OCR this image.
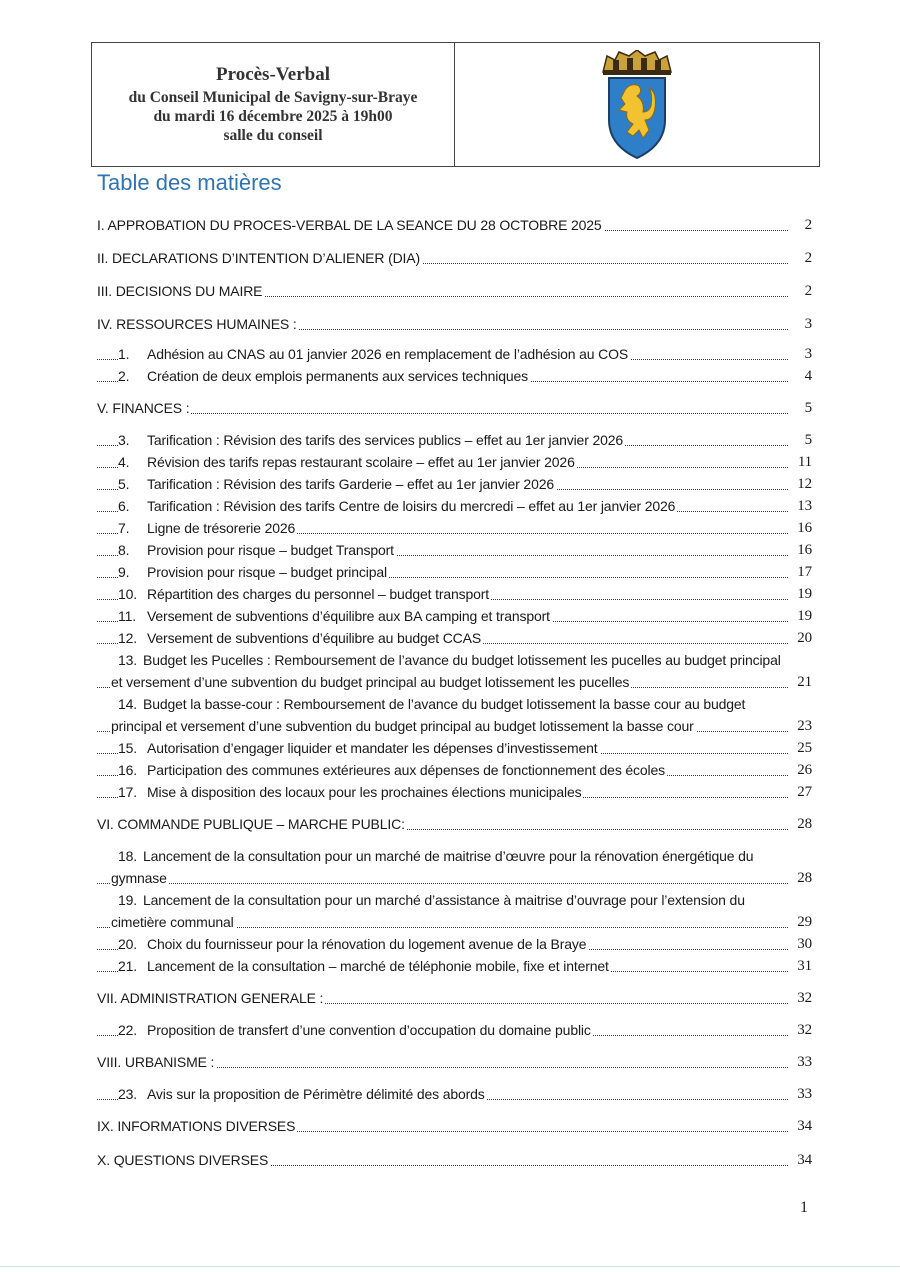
Procès-Verbal
du Conseil Municipal de Savigny-sur-Braye
du mardi 16 décembre 2025 à 19h00
salle du conseil
Table des matières
I. APPROBATION DU PROCES-VERBAL DE LA SEANCE DU 28 OCTOBRE 2025	2
II. DECLARATIONS D’INTENTION D’ALIENER (DIA)	2
III. DECISIONS DU MAIRE	2
IV. RESSOURCES HUMAINES :	3
1. Adhésion au CNAS au 01 janvier 2026 en remplacement de l’adhésion au COS	3
2. Création de deux emplois permanents aux services techniques	4
V. FINANCES :	5
3. Tarification : Révision des tarifs des services publics – effet au 1er janvier 2026	5
4. Révision des tarifs repas restaurant scolaire – effet au 1er janvier 2026	11
5. Tarification : Révision des tarifs Garderie – effet au 1er janvier 2026	12
6. Tarification : Révision des tarifs Centre de loisirs du mercredi – effet au 1er janvier 2026	13
7. Ligne de trésorerie 2026	16
8. Provision pour risque – budget Transport	16
9. Provision pour risque – budget principal	17
10. Répartition des charges du personnel – budget transport	19
11. Versement de subventions d’équilibre aux BA camping et transport	19
12. Versement de subventions d’équilibre au budget CCAS	20
13. Budget les Pucelles : Remboursement de l’avance du budget lotissement les pucelles au budget principal et versement d’une subvention du budget principal au budget lotissement les pucelles	21
14. Budget la basse-cour : Remboursement de l’avance du budget lotissement la basse cour au budget principal et versement d’une subvention du budget principal au budget lotissement la basse cour	23
15. Autorisation d’engager liquider et mandater les dépenses d’investissement	25
16. Participation des communes extérieures aux dépenses de fonctionnement des écoles	26
17. Mise à disposition des locaux pour les prochaines élections municipales	27
VI. COMMANDE PUBLIQUE – MARCHE PUBLIC:	28
18. Lancement de la consultation pour un marché de maitrise d’œuvre pour la rénovation énergétique du gymnase	28
19. Lancement de la consultation pour un marché d’assistance à maitrise d’ouvrage pour l’extension du cimetière communal	29
20. Choix du fournisseur pour la rénovation du logement avenue de la Braye	30
21. Lancement de la consultation – marché de téléphonie mobile, fixe et internet	31
VII. ADMINISTRATION GENERALE :	32
22. Proposition de transfert d’une convention d’occupation du domaine public	32
VIII. URBANISME :	33
23. Avis sur la proposition de Périmètre délimité des abords	33
IX. INFORMATIONS DIVERSES	34
X. QUESTIONS DIVERSES	34
1
